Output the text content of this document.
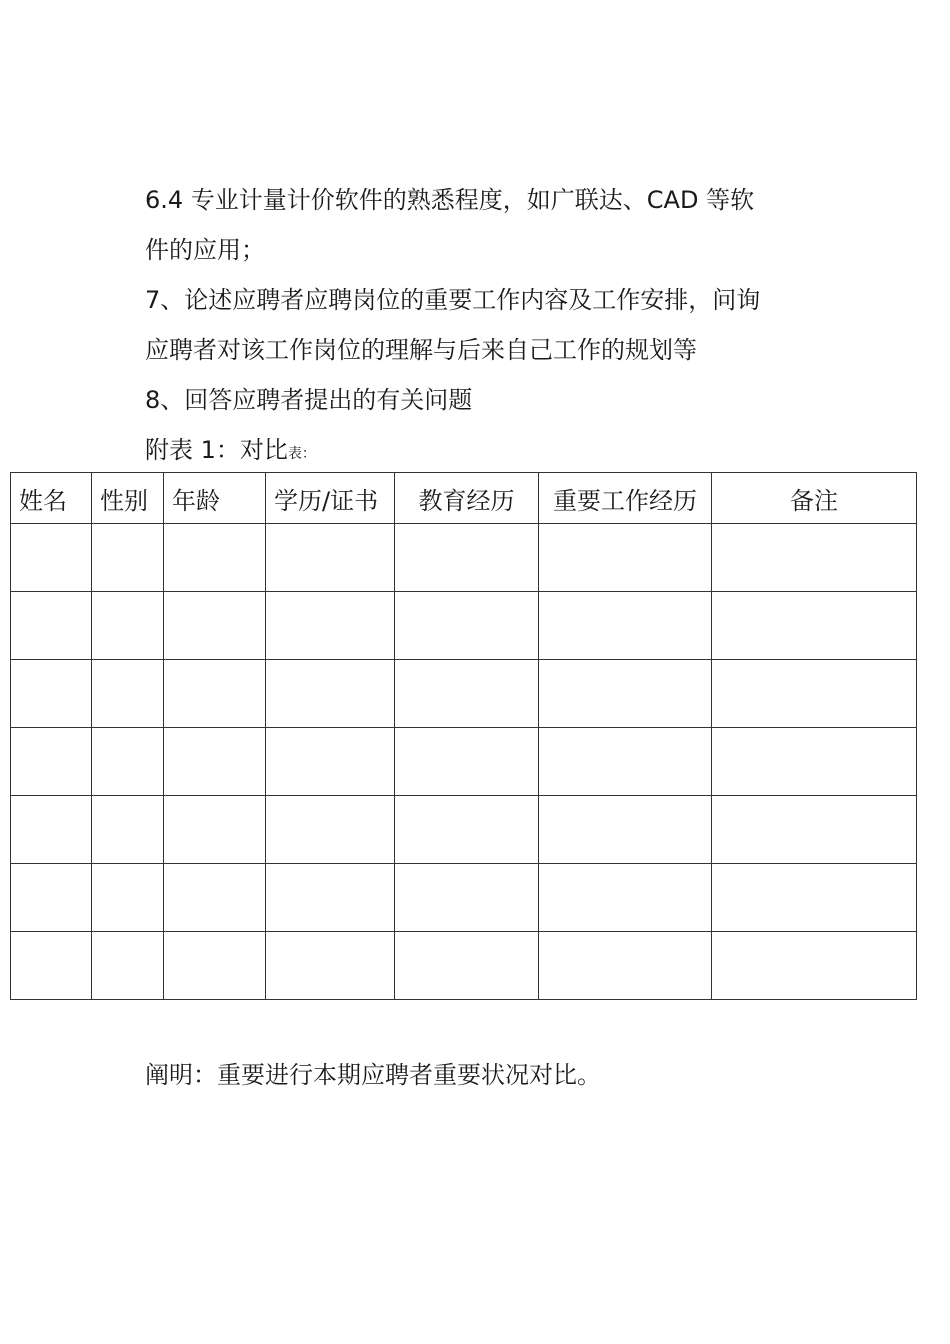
6.4 专业计量计价软件的熟悉程度，如广联达、CAD 等软
件的应用；
7、论述应聘者应聘岗位的重要工作内容及工作安排，问询
应聘者对该工作岗位的理解与后来自己工作的规划等
8、回答应聘者提出的有关问题
附表 1：对比表：
姓名	性别	年龄	学历/证书	教育经历	重要工作经历	备注

阐明：重要进行本期应聘者重要状况对比。
